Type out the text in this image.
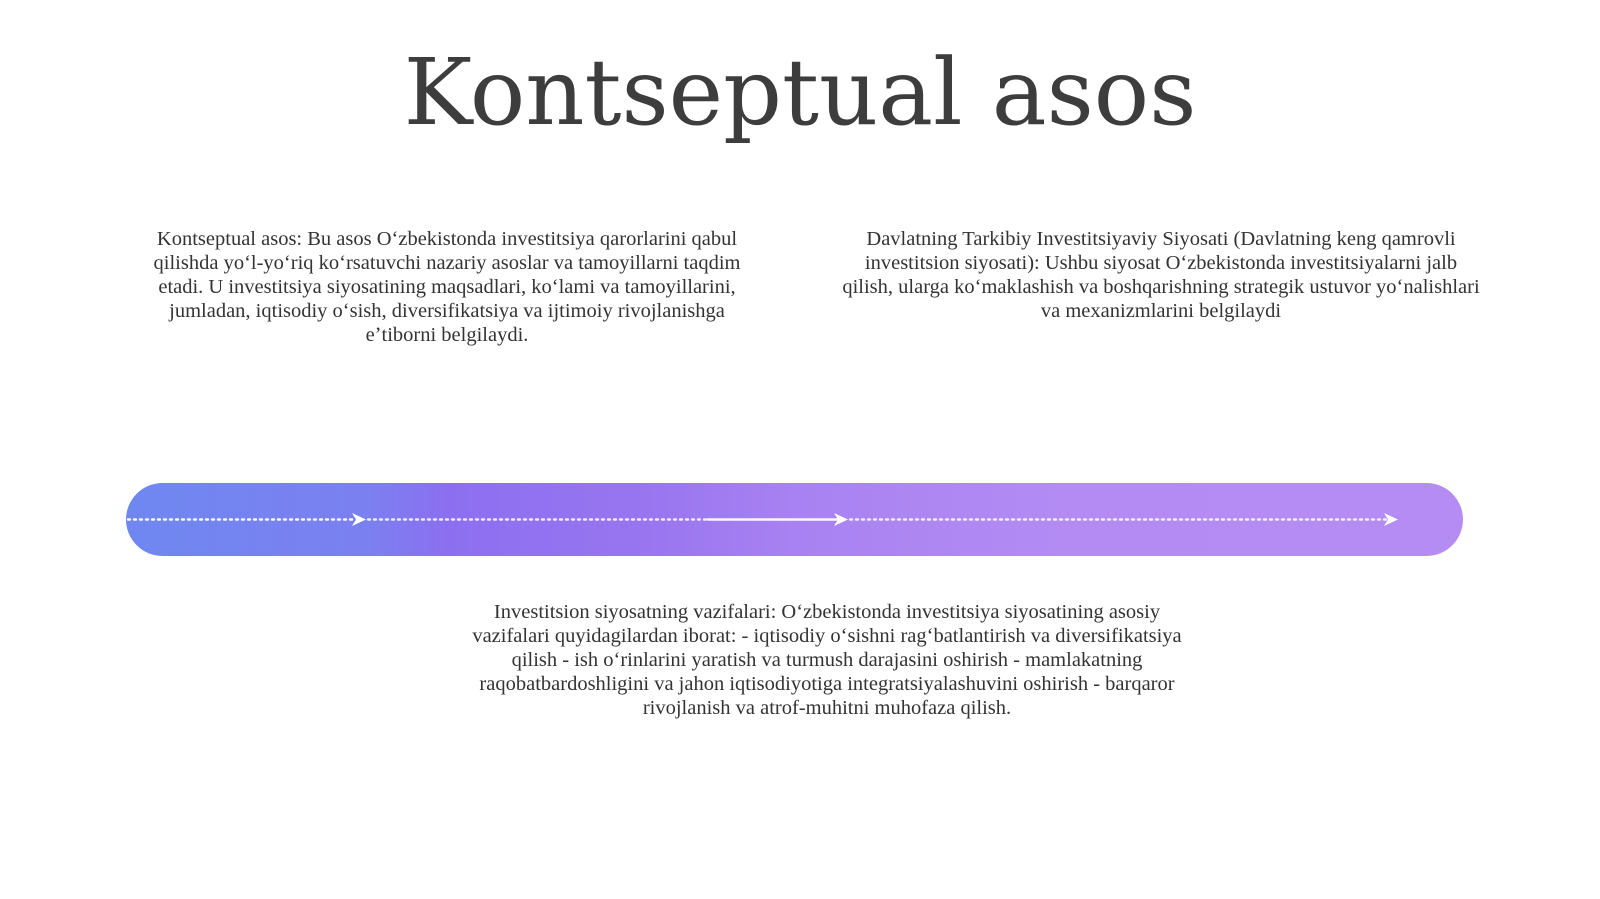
Kontseptual asos

Kontseptual asos: Bu asos Oʻzbekistonda investitsiya qarorlarini qabul qilishda yoʻl-yoʻriq koʻrsatuvchi nazariy asoslar va tamoyillarni taqdim etadi. U investitsiya siyosatining maqsadlari, koʻlami va tamoyillarini, jumladan, iqtisodiy oʻsish, diversifikatsiya va ijtimoiy rivojlanishga eʼtiborni belgilaydi.

Davlatning Tarkibiy Investitsiyaviy Siyosati (Davlatning keng qamrovli investitsion siyosati): Ushbu siyosat Oʻzbekistonda investitsiyalarni jalb qilish, ularga koʻmaklashish va boshqarishning strategik ustuvor yoʻnalishlari va mexanizmlarini belgilaydi

Investitsion siyosatning vazifalari: Oʻzbekistonda investitsiya siyosatining asosiy vazifalari quyidagilardan iborat: - iqtisodiy oʻsishni ragʻbatlantirish va diversifikatsiya qilish - ish oʻrinlarini yaratish va turmush darajasini oshirish - mamlakatning raqobatbardoshligini va jahon iqtisodiyotiga integratsiyalashuvini oshirish - barqaror rivojlanish va atrof-muhitni muhofaza qilish.
